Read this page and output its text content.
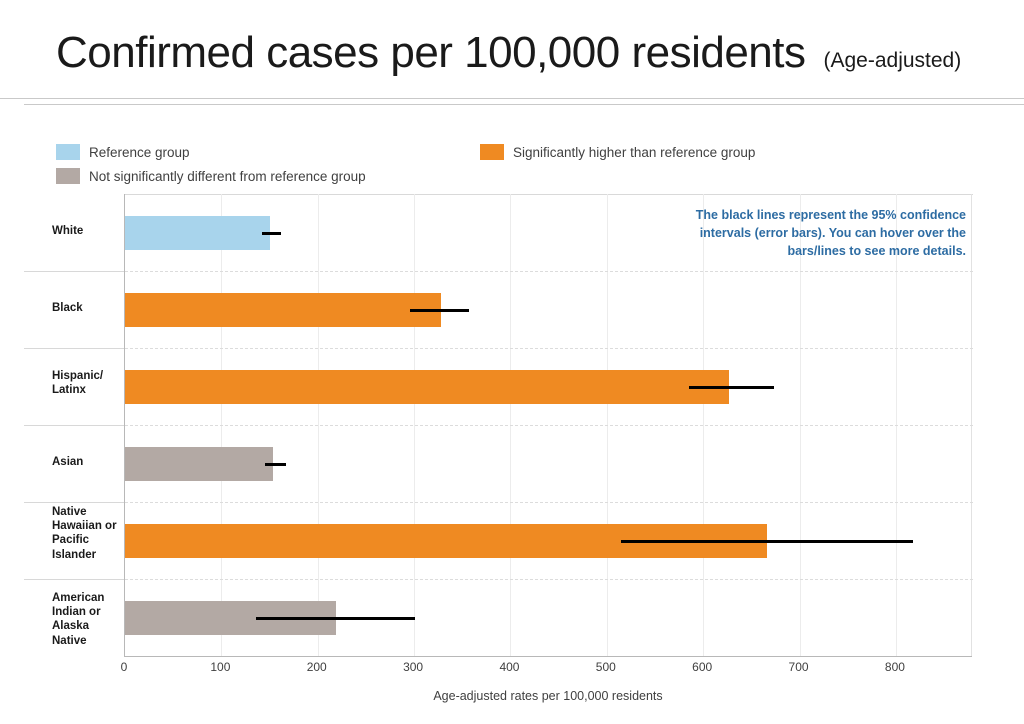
Confirmed cases per 100,000 residents (Age-adjusted)
Reference group	Significantly higher than reference group
Not significantly different from reference group
Age-adjusted rates per 100,000 residents
The black lines represent the 95% confidence intervals (error bars). You can hover over the bars/lines to see more details.
0	100	200	300	400	500	600	700	800
White
Black
Hispanic/ Latinx
Asian
Native Hawaiian or Pacific Islander
American Indian or Alaska Native
